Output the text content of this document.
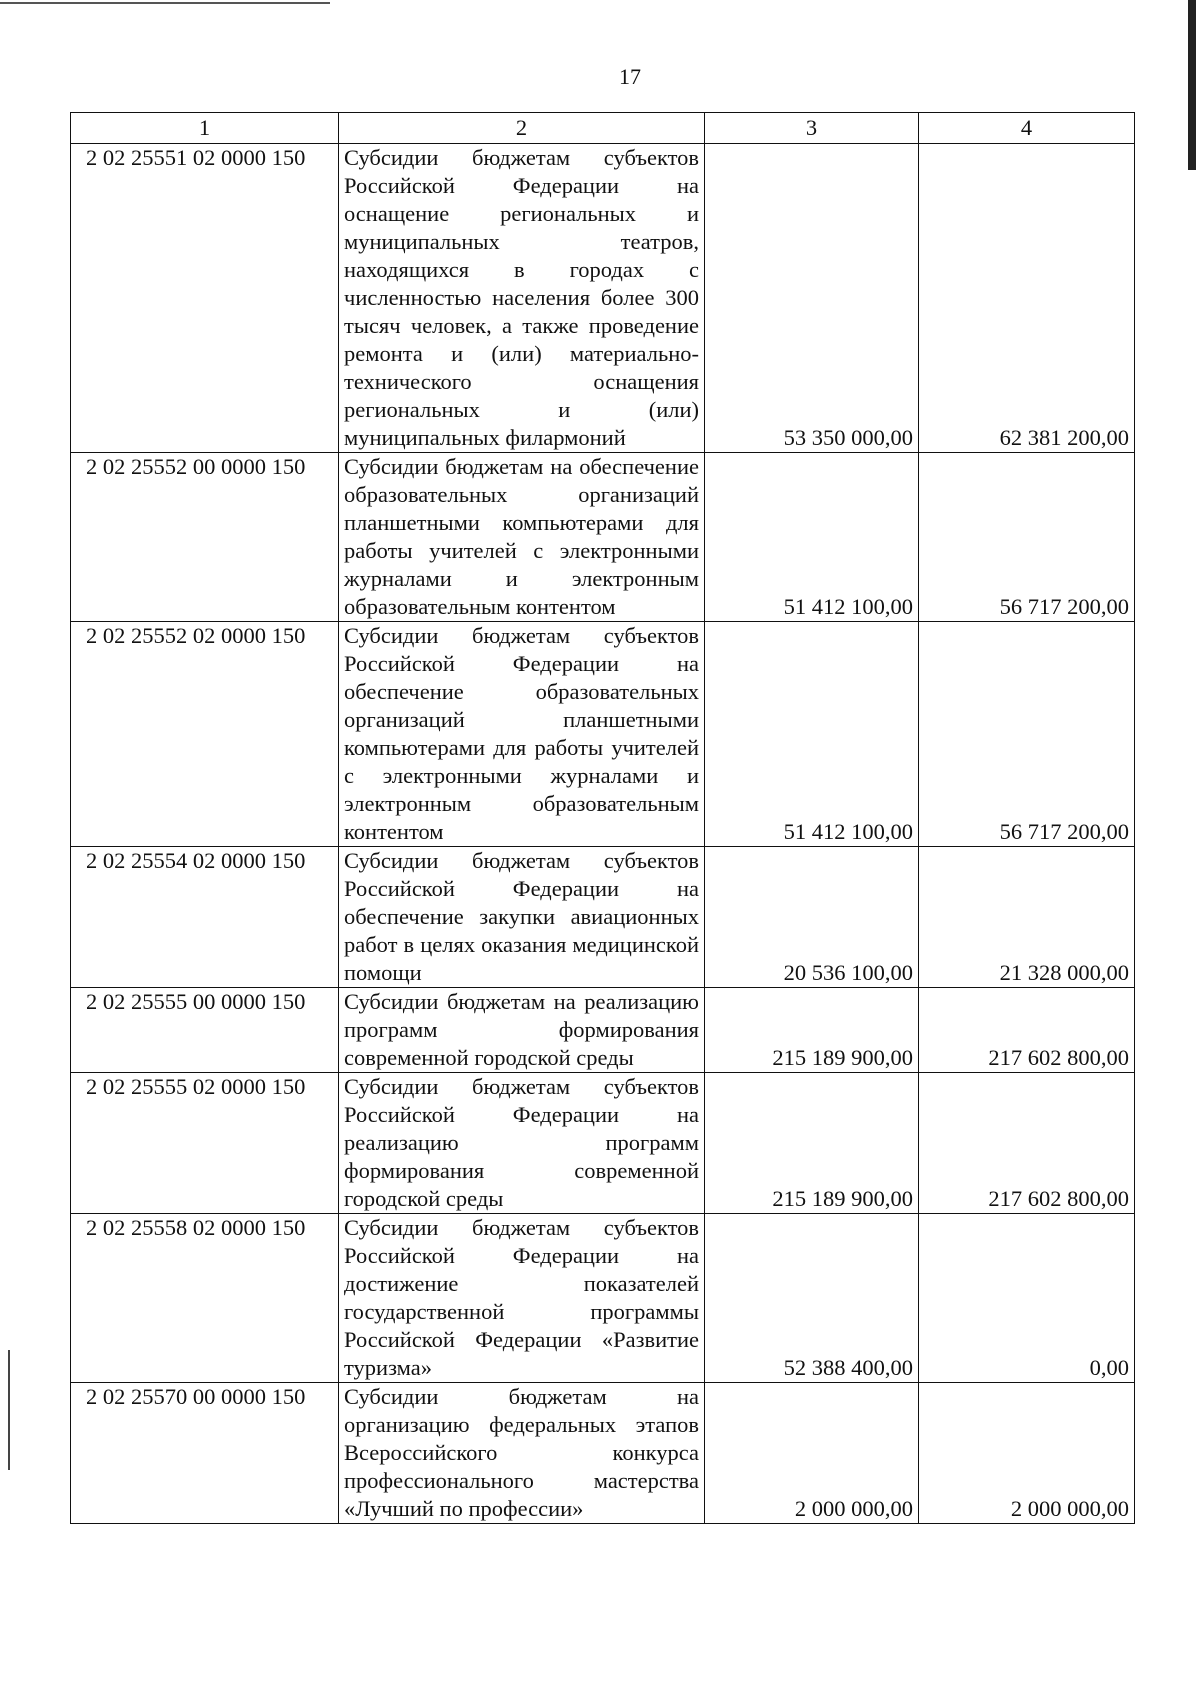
17
1	2	3	4
2 02 25551 02 0000 150	Субсидии бюджетам субъектов Российской Федерации на оснащение региональных и муниципальных театров, находящихся в городах с численностью населения более 300 тысяч человек, а также проведение ремонта и (или) материально-технического оснащения региональных и (или) муниципальных филармоний	53 350 000,00	62 381 200,00
2 02 25552 00 0000 150	Субсидии бюджетам на обеспечение образовательных организаций планшетными компьютерами для работы учителей с электронными журналами и электронным образовательным контентом	51 412 100,00	56 717 200,00
2 02 25552 02 0000 150	Субсидии бюджетам субъектов Российской Федерации на обеспечение образовательных организаций планшетными компьютерами для работы учителей с электронными журналами и электронным образовательным контентом	51 412 100,00	56 717 200,00
2 02 25554 02 0000 150	Субсидии бюджетам субъектов Российской Федерации на обеспечение закупки авиационных работ в целях оказания медицинской помощи	20 536 100,00	21 328 000,00
2 02 25555 00 0000 150	Субсидии бюджетам на реализацию программ формирования современной городской среды	215 189 900,00	217 602 800,00
2 02 25555 02 0000 150	Субсидии бюджетам субъектов Российской Федерации на реализацию программ формирования современной городской среды	215 189 900,00	217 602 800,00
2 02 25558 02 0000 150	Субсидии бюджетам субъектов Российской Федерации на достижение показателей государственной программы Российской Федерации «Развитие туризма»	52 388 400,00	0,00
2 02 25570 00 0000 150	Субсидии бюджетам на организацию федеральных этапов Всероссийского конкурса профессионального мастерства «Лучший по профессии»	2 000 000,00	2 000 000,00
